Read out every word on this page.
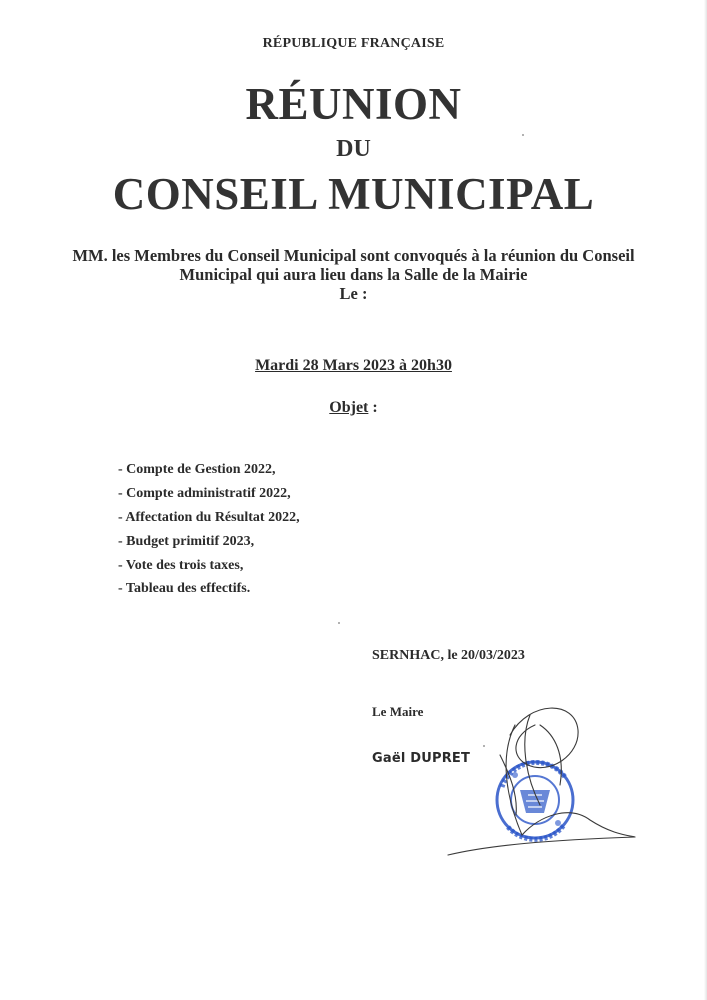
RÉPUBLIQUE FRANÇAISE
RÉUNION
DU
CONSEIL MUNICIPAL
MM. les Membres du Conseil Municipal sont convoqués à la réunion du Conseil
Municipal qui aura lieu dans la Salle de la Mairie
Le :
Mardi 28 Mars 2023 à 20h30
Objet :
- Compte de Gestion 2022,
- Compte administratif 2022,
- Affectation du Résultat 2022,
- Budget primitif 2023,
- Vote des trois taxes,
- Tableau des effectifs.
SERNHAC, le 20/03/2023
Le Maire
Gaël DUPRET
